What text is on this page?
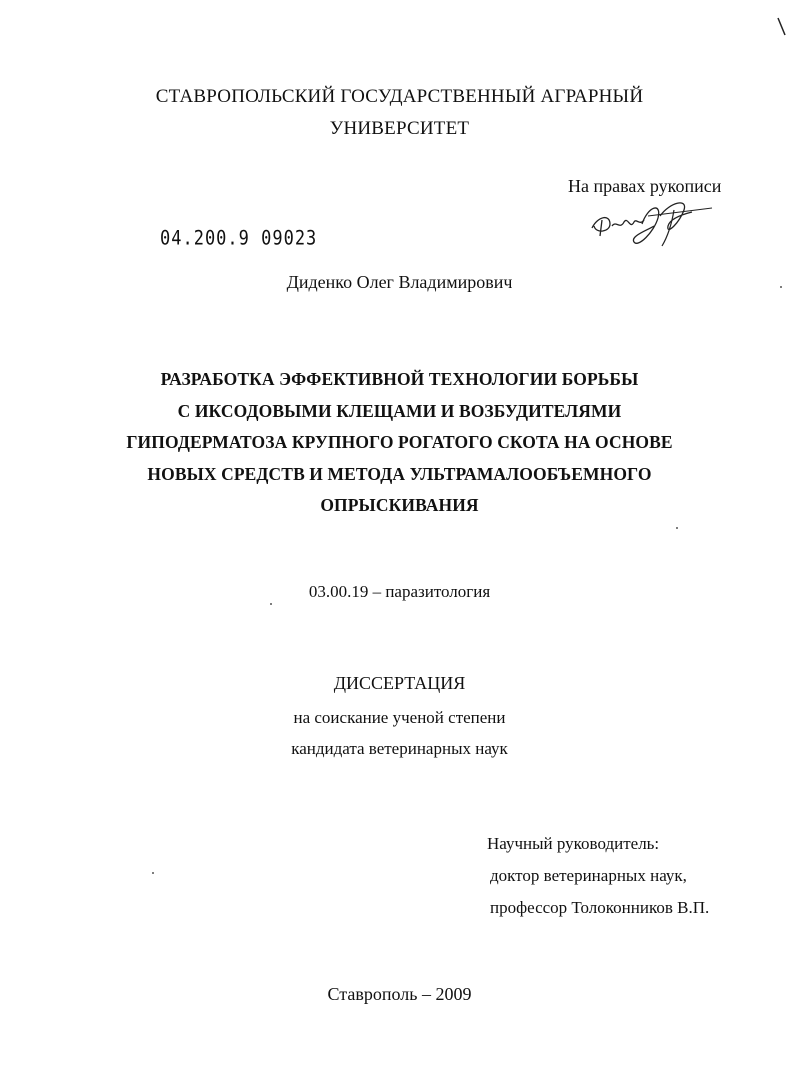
СТАВРОПОЛЬСКИЙ ГОСУДАРСТВЕННЫЙ АГРАРНЫЙ
УНИВЕРСИТЕТ
На правах рукописи
04.200.9 09023
Диденко Олег Владимирович
РАЗРАБОТКА ЭФФЕКТИВНОЙ ТЕХНОЛОГИИ БОРЬБЫ
С ИКСОДОВЫМИ КЛЕЩАМИ И ВОЗБУДИТЕЛЯМИ
ГИПОДЕРМАТОЗА КРУПНОГО РОГАТОГО СКОТА НА ОСНОВЕ
НОВЫХ СРЕДСТВ И МЕТОДА УЛЬТРАМАЛООБЪЕМНОГО
ОПРЫСКИВАНИЯ
03.00.19 – паразитология
ДИССЕРТАЦИЯ
на соискание ученой степени
кандидата ветеринарных наук
Научный руководитель:
доктор ветеринарных наук,
профессор Толоконников В.П.
Ставрополь – 2009
